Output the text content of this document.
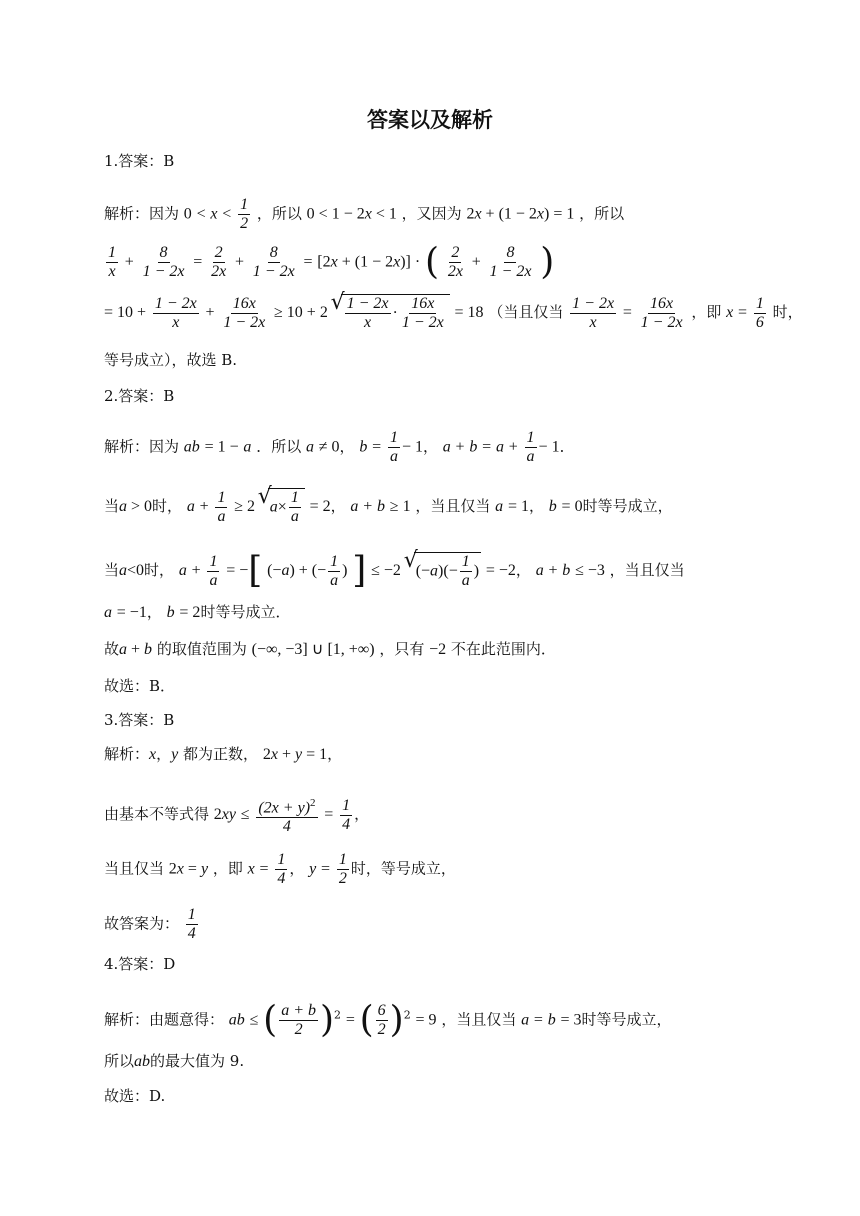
答案以及解析
1.答案：B
解析：因为 $0 < x < \frac{1}{2}$ ，所以 0 < 1 − 2x < 1 ，又因为 2x + (1 − 2x) = 1 ，所以
$\frac{1}{x} + \frac{8}{1 - 2x} = \frac{2}{2x} + \frac{8}{1 - 2x} = [2x + (1 - 2x)]$ · ( $\frac{2}{2x} + \frac{8}{1 - 2x}$ )
= $10 + \frac{1 - 2x}{x} + \frac{16x}{1 - 2x} \ge 10 + 2$ √ $\frac{1 - 2x}{x} \cdot \frac{16x}{1 - 2x} = 18$ （当且仅当 $\frac{1 - 2x}{x} = \frac{16x}{1 - 2x}$ ，即 $x = \frac{1}{6}$ 时，
等号成立），故选 B.
2.答案：B
解析：因为 ab = 1 − a ．所以 a ≠ 0， $b = \frac{1}{a} - 1$， $a + b = a + \frac{1}{a} - 1$．
当a > 0时， $a + \frac{1}{a} \ge 2$ √ $a\times \frac{1}{a} = 2$， a + b ≥ 1 ，当且仅当 a = 1， b = 0时等号成立，
当a<0时， $a + \frac{1}{a}$ = −[ (−a) + (− $\frac{1}{a}$ ) ] ≤ −2 √ $(-a)(- \frac{1}{a}$ ) = −2， a + b ≤ −3 ，当且仅当
a = −1， b = 2时等号成立．
故a + b 的取值范围为 (−∞, −3] ∪ [1, +∞) ，只有 −2 不在此范围内．
故选：B．
3.答案：B
解析：x，y 都为正数， 2x + y = 1，
由基本不等式得 $2xy \le \frac{(2x + y)^2}{4} = \frac{1}{4}$ ，
当且仅当 2x = y ，即 $x = \frac{1}{4}$ ， $y = \frac{1}{2}$ 时，等号成立，
故答案为： $\frac{1}{4}$
4.答案：D
解析：由题意得： ab ≤ ( $\frac{a + b}{2} )^2$ = ( $\frac{6}{2} )^2 = 9$ ，当且仅当 a = b = 3时等号成立，
所以ab的最大值为 9.
故选：D.
